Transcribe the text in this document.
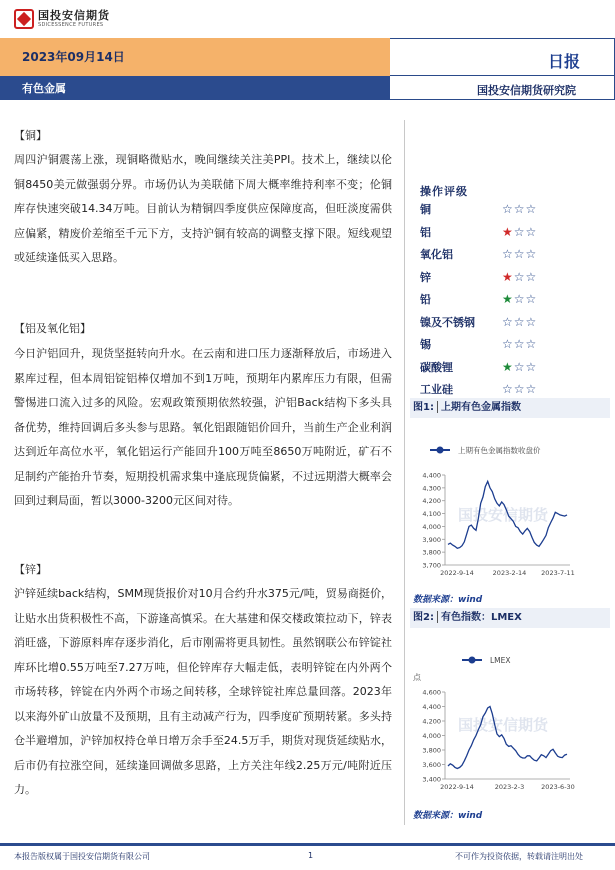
国投安信期货
SDICESSENCE FUTURES
2023年09月14日	日报
有色金属	国投安信期货研究院
【铜】
周四沪铜震荡上涨，现铜略微贴水，晚间继续关注美PPI。技术上，继续以伦铜8450美元做强弱分界。市场仍认为美联储下周大概率维持利率不变；伦铜库存快速突破14.34万吨。目前认为精铜四季度供应保障度高，但旺淡度需供应偏紧，精废价差缩至千元下方，支持沪铜有较高的调整支撑下限。短线观望或延续逢低买入思路。
【铝及氧化铝】
今日沪铝回升，现货坚挺转向升水。在云南和进口压力逐渐释放后，市场进入累库过程，但本周铝锭铝棒仅增加不到1万吨，预期年内累库压力有限，但需警惕进口流入过多的风险。宏观政策预期依然较强，沪铝Back结构下多头具备优势，维持回调后多头参与思路。氧化铝跟随铝价回升，当前生产企业利润达到近年高位水平，氧化铝运行产能回升100万吨至8650万吨附近，矿石不足制约产能抬升节奏，短期投机需求集中逢底现货偏紧，不过远期潜大概率会回到过剩局面，暂以3000-3200元区间对待。
【锌】
沪锌延续back结构，SMM现货报价对10月合约升水375元/吨，贸易商挺价，让贴水出货积极性不高，下游逢高慎采。在大基建和保交楼政策拉动下，锌表消旺盛，下游原料库存逐步消化，后市刚需将更具韧性。虽然钢联公布锌锭社库环比增0.55万吨至7.27万吨，但伦锌库存大幅走低，表明锌锭在内外两个市场转移，锌锭在内外两个市场之间转移，全球锌锭社库总量回落。2023年以来海外矿山放量不及预期，且有主动减产行为，四季度矿预期转紧。多头持仓半避增加，沪锌加权持仓单日增万余手至24.5万手，期货对现货延续贴水，后市仍有拉涨空间，延续逢回调做多思路，上方关注年线2.25万元/吨附近压力。
操作评级
铜	☆ ☆ ☆
铝	★ ☆ ☆
氧化铝	☆ ☆ ☆
锌	★ ☆ ☆
铅	★ ☆ ☆
镍及不锈钢	☆ ☆ ☆
锡	☆ ☆ ☆
碳酸锂	★ ☆ ☆
工业硅	☆ ☆ ☆
图1: 上期有色金属指数
上期有色金属指数收盘价
国投安信期货
3,700
3,800
3,900
4,000
4,100
4,200
4,300
4,400
2022-9-14	2023-2-14 2023-7-11
数据来源：wind
图2: 有色指数：LMEX
LMEX
点
国投安信期货
3,400
3,600
3,800
4,000
4,200
4,400
4,600
2022-9-14	2023-2-3	2023-6-30
数据来源：wind
本报告版权属于国投安信期货有限公司	1	不可作为投资依据，转载请注明出处
